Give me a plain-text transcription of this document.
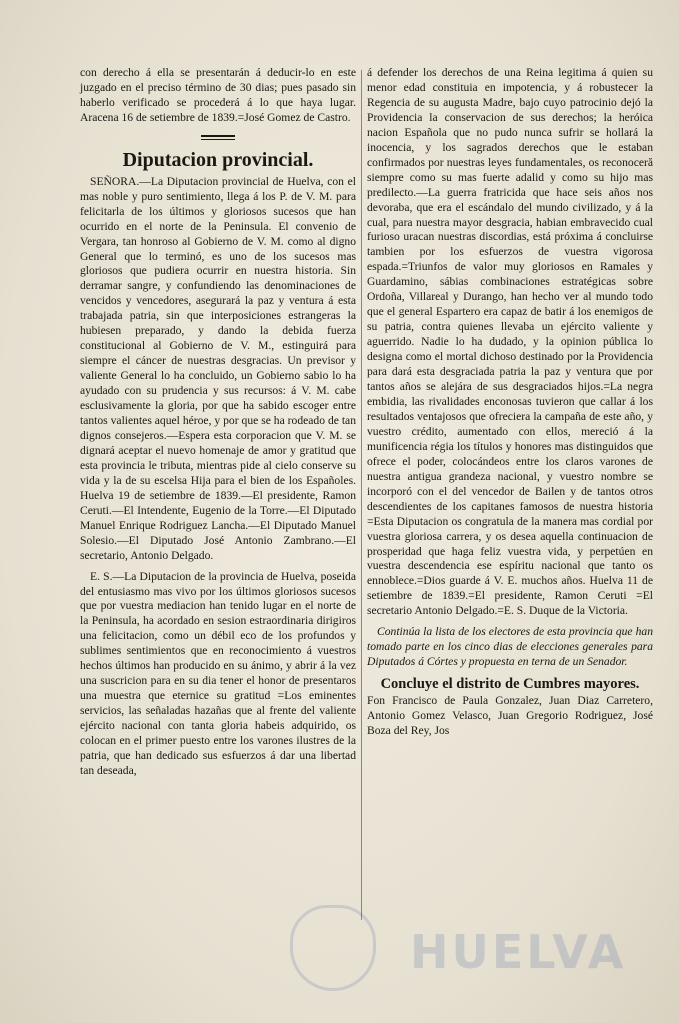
con derecho á ella se presentarán á deducir-lo en este juzgado en el preciso término de 30 dias; pues pasado sin haberlo verificado se procederá á lo que haya lugar. Aracena 16 de setiembre de 1839.=José Gomez de Castro.

Diputacion provincial.

SEÑORA.—La Diputacion provincial de Huelva, con el mas noble y puro sentimiento, llega á los P. de V. M. para felicitarla de los últimos y gloriosos sucesos que han ocurrido en el norte de la Peninsula. El convenio de Vergara, tan honroso al Gobierno de V. M. como al digno General que lo terminó, es uno de los sucesos mas gloriosos que pudiera ocurrir en nuestra historia. Sin derramar sangre, y confundiendo las denominaciones de vencidos y vencedores, asegurará la paz y ventura á esta trabajada patria, sin que interposiciones estrangeras la hubiesen preparado, y dando la debida fuerza constitucional al Gobierno de V. M., estinguirá para siempre el cáncer de nuestras desgracias. Un previsor y valiente General lo ha concluido, un Gobierno sabio lo ha ayudado con su prudencia y sus recursos: á V. M. cabe esclusivamente la gloria, por que ha sabido escoger entre tantos valientes aquel héroe, y por que se ha rodeado de tan dignos consejeros.—Espera esta corporacion que V. M. se dignará aceptar el nuevo homenaje de amor y gratitud que esta provincia le tributa, mientras pide al cielo conserve su vida y la de su escelsa Hija para el bien de los Españoles. Huelva 19 de setiembre de 1839.—El presidente, Ramon Ceruti.—El Intendente, Eugenio de la Torre.—El Diputado Manuel Enrique Rodriguez Lancha.—El Diputado Manuel Solesio.—El Diputado José Antonio Zambrano.—El secretario, Antonio Delgado.

E. S.—La Diputacion de la provincia de Huelva, poseida del entusiasmo mas vivo por los últimos gloriosos sucesos que por vuestra mediacion han tenido lugar en el norte de la Peninsula, ha acordado en sesion estraordinaria dirigiros una felicitacion, como un débil eco de los profundos y sublimes sentimientos que en reconocimiento á vuestros hechos últimos han producido en su ánimo, y abrir á la vez una suscricion para en su dia tener el honor de presentaros una muestra que eternice su gratitud =Los eminentes servicios, las señaladas hazañas que al frente del valiente ejército nacional con tanta gloria habeis adquirido, os colocan en el primer puesto entre los varones ilustres de la patria, que han dedicado sus esfuerzos á dar una libertad tan deseada,

á defender los derechos de una Reina legitima á quien su menor edad constituia en impotencia, y á robustecer la Regencia de su augusta Madre, bajo cuyo patrocinio dejó la Providencia la conservacion de sus derechos; la heróica nacion Española que no pudo nunca sufrir se hollará la inocencia, y los sagrados derechos que le estaban confirmados por nuestras leyes fundamentales, os reconoceră siempre como su mas fuerte adalid y como su hijo mas predilecto.—La guerra fratricida que hace seis años nos devoraba, que era el escándalo del mundo civilizado, y á la cual, para nuestra mayor desgracia, habian embravecido cual furioso uracan nuestras discordias, está próxima á concluirse tambien por los esfuerzos de vuestra vigorosa espada.=Triunfos de valor muy gloriosos en Ramales y Guardamino, sábias combinaciones estratégicas sobre Ordoña, Villareal y Durango, han hecho ver al mundo todo que el general Espartero era capaz de batir á los enemigos de su patria, contra quienes llevaba un ejército valiente y aguerrido. Nadie lo ha dudado, y la opinion pública lo designa como el mortal dichoso destinado por la Providencia para dará esta desgraciada patria la paz y ventura que por tantos años se alejára de sus desgraciados hijos.=La negra embidia, las rivalidades enconosas tuvieron que callar á los resultados ventajosos que ofreciera la campaña de este año, y vuestro crédito, aumentado con ellos, mereció á la munificencia régia los títulos y honores mas distinguidos que ofrece el poder, colocándeos entre los claros varones de nuestra antigua grandeza nacional, y vuestro nombre se incorporó con el del vencedor de Bailen y de tantos otros descendientes de los capitanes famosos de nuestra historia =Esta Diputacion os congratula de la manera mas cordial por vuestra gloriosa carrera, y os desea aquella continuacion de prosperidad que haga feliz vuestra vida, y perpetúen en vuestra descendencia ese espíritu nacional que tanto os ennoblece.=Dios guarde á V. E. muchos años. Huelva 11 de setiembre de 1839.=El presidente, Ramon Ceruti =El secretario Antonio Delgado.=E. S. Duque de la Victoria.

Continúa la lista de los electores de esta provincia que han tomado parte en los cinco dias de elecciones generales para Diputados á Córtes y propuesta en terna de un Senador.

Concluye el distrito de Cumbres mayores.

Fon Francisco de Paula Gonzalez, Juan Diaz Carretero, Antonio Gomez Velasco, Juan Gregorio Rodriguez, José Boza del Rey, Jos

HUELVA
